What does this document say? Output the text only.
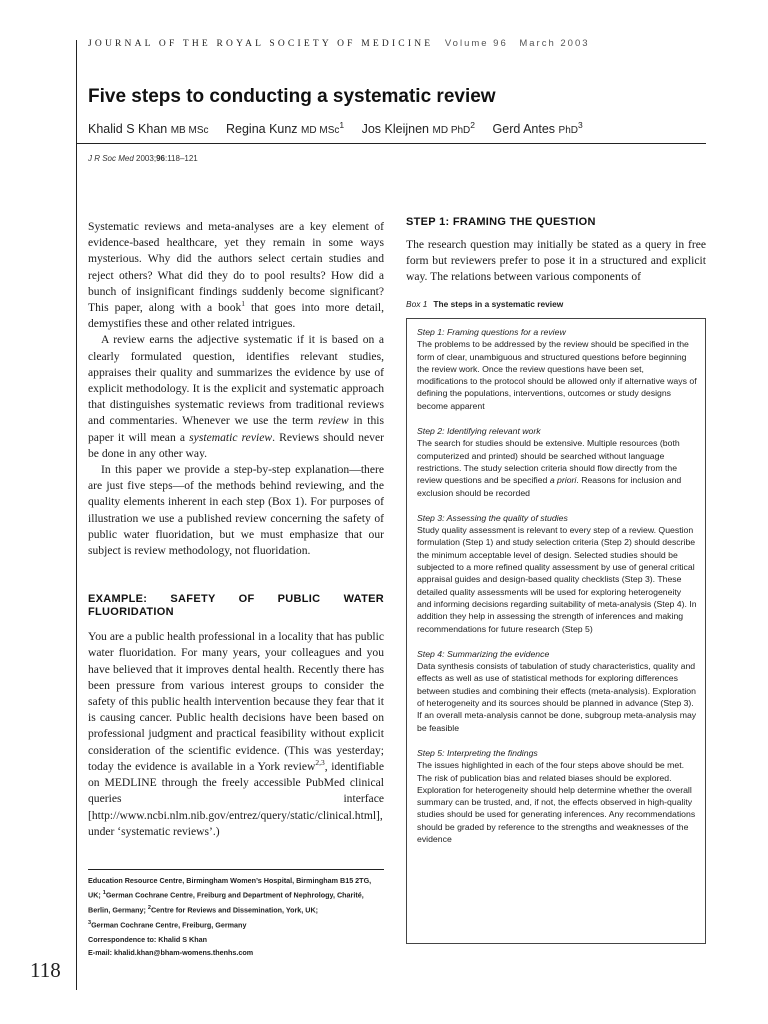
JOURNAL OF THE ROYAL SOCIETY OF MEDICINE Volume 96 March 2003
Five steps to conducting a systematic review
Khalid S Khan MB MSc Regina Kunz MD MSc$^1$ Jos Kleijnen MD PhD$^2$ Gerd Antes PhD$^3$
J R Soc Med 2003;96:118–121

Systematic reviews and meta-analyses are a key element of evidence-based healthcare, yet they remain in some ways mysterious. Why did the authors select certain studies and reject others? What did they do to pool results? How did a bunch of insignificant findings suddenly become significant? This paper, along with a book$^1$ that goes into more detail, demystifies these and other related intrigues.

A review earns the adjective systematic if it is based on a clearly formulated question, identifies relevant studies, appraises their quality and summarizes the evidence by use of explicit methodology. It is the explicit and systematic approach that distinguishes systematic reviews from traditional reviews and commentaries. Whenever we use the term review in this paper it will mean a systematic review. Reviews should never be done in any other way.

In this paper we provide a step-by-step explanation—there are just five steps—of the methods behind reviewing, and the quality elements inherent in each step (Box 1). For purposes of illustration we use a published review concerning the safety of public water fluoridation, but we must emphasize that our subject is review methodology, not fluoridation.

EXAMPLE: SAFETY OF PUBLIC WATER FLUORIDATION

You are a public health professional in a locality that has public water fluoridation. For many years, your colleagues and you have believed that it improves dental health. Recently there has been pressure from various interest groups to consider the safety of this public health intervention because they fear that it is causing cancer. Public health decisions have been based on professional judgment and practical feasibility without explicit consideration of the scientific evidence. (This was yesterday; today the evidence is available in a York review$^{2,3}$, identifiable on MEDLINE through the freely accessible PubMed clinical queries interface [http://www.ncbi.nlm.nib.gov/entrez/query/static/clinical.html], under ‘systematic reviews’.)

Education Resource Centre, Birmingham Women’s Hospital, Birmingham B15 2TG, UK; $^1$German Cochrane Centre, Freiburg and Department of Nephrology, Charité, Berlin, Germany; $^2$Centre for Reviews and Dissemination, York, UK;
$^3$German Cochrane Centre, Freiburg, Germany
Correspondence to: Khalid S Khan
E-mail: khalid.khan@bham-womens.thenhs.com
118
STEP 1: FRAMING THE QUESTION

The research question may initially be stated as a query in free form but reviewers prefer to pose it in a structured and explicit way. The relations between various components of

Box 1 The steps in a systematic review
Step 1: Framing questions for a review

The problems to be addressed by the review should be specified in the form of clear, unambiguous and structured questions before beginning the review work. Once the review questions have been set, modifications to the protocol should be allowed only if alternative ways of defining the populations, interventions, outcomes or study designs become apparent

Step 2: Identifying relevant work

The search for studies should be extensive. Multiple resources (both computerized and printed) should be searched without language restrictions. The study selection criteria should flow directly from the review questions and be specified a priori. Reasons for inclusion and exclusion should be recorded

Step 3: Assessing the quality of studies

Study quality assessment is relevant to every step of a review. Question formulation (Step 1) and study selection criteria (Step 2) should describe the minimum acceptable level of design. Selected studies should be subjected to a more refined quality assessment by use of general critical appraisal guides and design-based quality checklists (Step 3). These detailed quality assessments will be used for exploring heterogeneity and informing decisions regarding suitability of meta-analysis (Step 4). In addition they help in assessing the strength of inferences and making recommendations for future research (Step 5)

Step 4: Summarizing the evidence

Data synthesis consists of tabulation of study characteristics, quality and effects as well as use of statistical methods for exploring differences between studies and combining their effects (meta-analysis). Exploration of heterogeneity and its sources should be planned in advance (Step 3). If an overall meta-analysis cannot be done, subgroup meta-analysis may be feasible

Step 5: Interpreting the findings

The issues highlighted in each of the four steps above should be met. The risk of publication bias and related biases should be explored. Exploration for heterogeneity should help determine whether the overall summary can be trusted, and, if not, the effects observed in high-quality studies should be used for generating inferences. Any recommendations should be graded by reference to the strengths and weaknesses of the evidence
